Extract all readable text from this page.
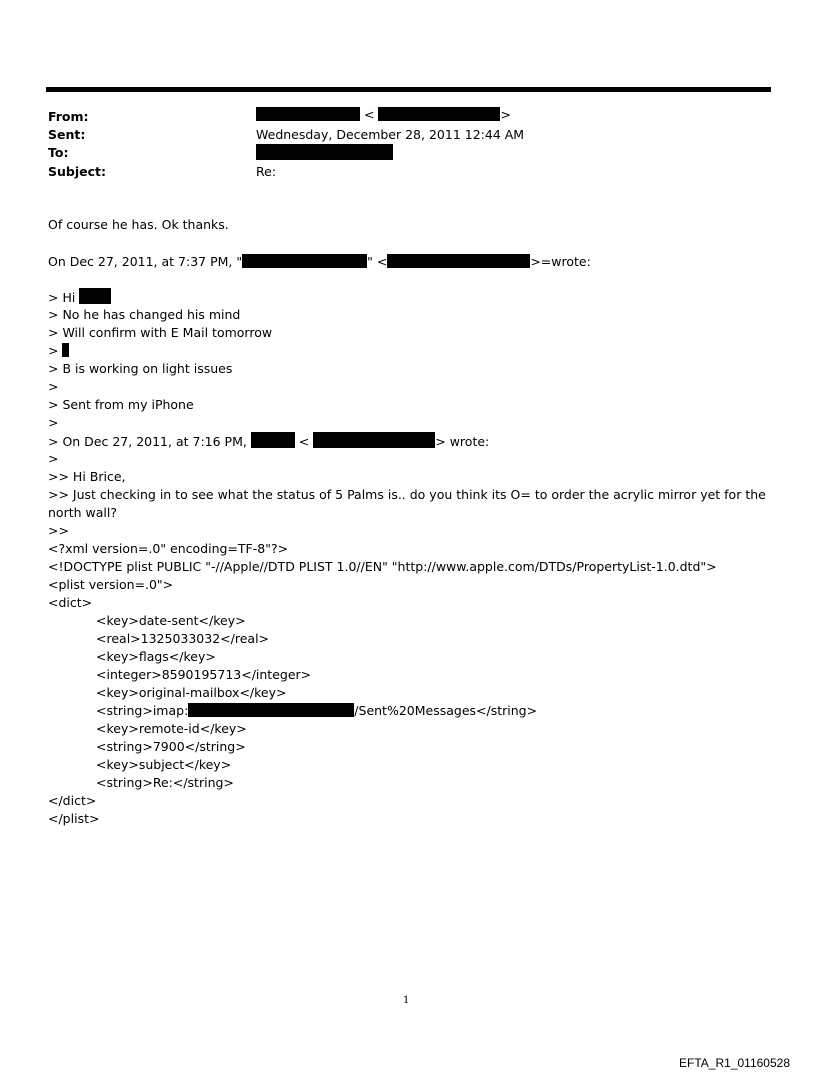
From:	<	>
Sent:	Wednesday, December 28, 2011 12:44 AM
To:
Subject:	Re:
Of course he has. Ok thanks.
On Dec 27, 2011, at 7:37 PM, "	" <	>=wrote:
> Hi
> No he has changed his mind
> Will confirm with E Mail tomorrow
>
> B is working on light issues
>
> Sent from my iPhone
>
> On Dec 27, 2011, at 7:16 PM,	<	> wrote:
>
>> Hi Brice,
>> Just checking in to see what the status of 5 Palms is.. do you think its O= to order the acrylic mirror yet for the north wall?
>>
<?xml version=.0" encoding=TF-8"?>
<!DOCTYPE plist PUBLIC "-//Apple//DTD PLIST 1.0//EN" "http://www.apple.com/DTDs/PropertyList-1.0.dtd">
<plist version=.0">
<dict>
<key>date-sent</key>
<real>1325033032</real>
<key>flags</key>
<integer>8590195713</integer>
<key>original-mailbox</key>
<string>imap:	/Sent%20Messages</string>
<key>remote-id</key>
<string>7900</string>
<key>subject</key>
<string>Re:</string>
</dict>
</plist>
1
EFTA_R1_01160528
